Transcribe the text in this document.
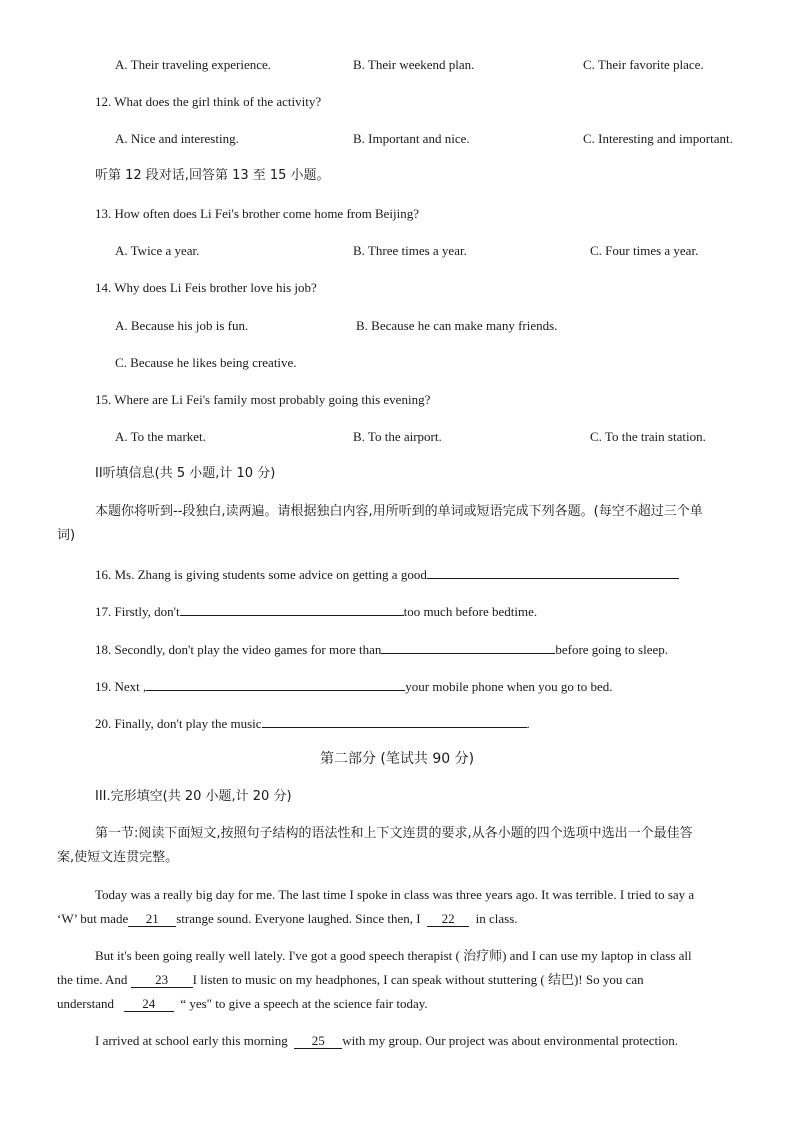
A. Their traveling experience.	B. Their weekend plan.	C. Their favorite place.
12. What does the girl think of the activity?
A. Nice and interesting.	B. Important and nice.	C. Interesting and important.
听第 12 段对话,回答第 13 至 15 小题。
13. How often does Li Fei's brother come home from Beijing?
A. Twice a year.	B. Three times a year.	C. Four times a year.
14. Why does Li Feis brother love his job?
A. Because his job is fun.	B. Because he can make many friends.
C. Because he likes being creative.
15. Where are Li Fei's family most probably going this evening?
A. To the market.	B. To the airport.	C. To the train station.
II听填信息(共 5 小题,计 10 分)
本题你将听到--段独白,读两遍。请根据独白内容,用所听到的单词或短语完成下列各题。(每空不超过三个单
词)
16. Ms. Zhang is giving students some advice on getting a good
17. Firstly, don't	too much before bedtime.
18. Secondly, don't play the video games for more than	before going to sleep.
19. Next ,	your mobile phone when you go to bed.
20. Finally, don't play the music	.
第二部分 (笔试共 90 分)
III.完形填空(共 20 小题,计 20 分)
第一节:阅读下面短文,按照句子结构的语法性和上下文连贯的要求,从各小题的四个选项中选出一个最佳答
案,使短文连贯完整。
Today was a really big day for me. The last time I spoke in class was three years ago. It was terrible. I tried to say a
‘W’ but made 21 strange sound. Everyone laughed. Since then, I 22 in class.
But it's been going really well lately. I've got a good speech therapist ( 治疗师) and I can use my laptop in class all
the time. And 23 I listen to music on my headphones, I can speak without stuttering ( 结巴)! So you can
understand 24 “ yes" to give a speech at the science fair today.
I arrived at school early this morning 25 with my group. Our project was about environmental protection.
